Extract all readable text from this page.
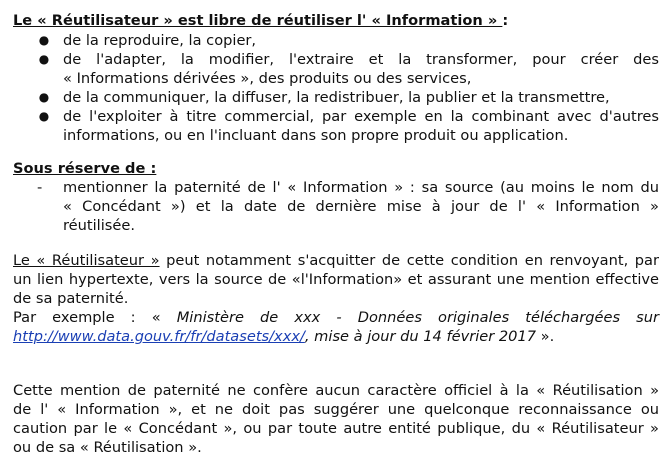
Le « Réutilisateur » est libre de réutiliser l' « Information » :
● de la reproduire, la copier,
● de l'adapter, la modifier, l'extraire et la transformer, pour créer des
« Informations dérivées », des produits ou des services,
● de la communiquer, la diffuser, la redistribuer, la publier et la transmettre,
● de l'exploiter à titre commercial, par exemple en la combinant avec d'autres
informations, ou en l'incluant dans son propre produit ou application.
Sous réserve de :
- mentionner la paternité de l' « Information » : sa source (au moins le nom du
« Concédant ») et la date de dernière mise à jour de l' « Information »
réutilisée.
Le « Réutilisateur » peut notamment s'acquitter de cette condition en renvoyant, par
un lien hypertexte, vers la source de «l'Information» et assurant une mention effective
de sa paternité.
Par exemple : « Ministère de xxx - Données originales téléchargées sur
http://www.data.gouv.fr/fr/datasets/xxx/, mise à jour du 14 février 2017 ».
Cette mention de paternité ne confère aucun caractère officiel à la « Réutilisation »
de l' « Information », et ne doit pas suggérer une quelconque reconnaissance ou
caution par le « Concédant », ou par toute autre entité publique, du « Réutilisateur »
ou de sa « Réutilisation ».
